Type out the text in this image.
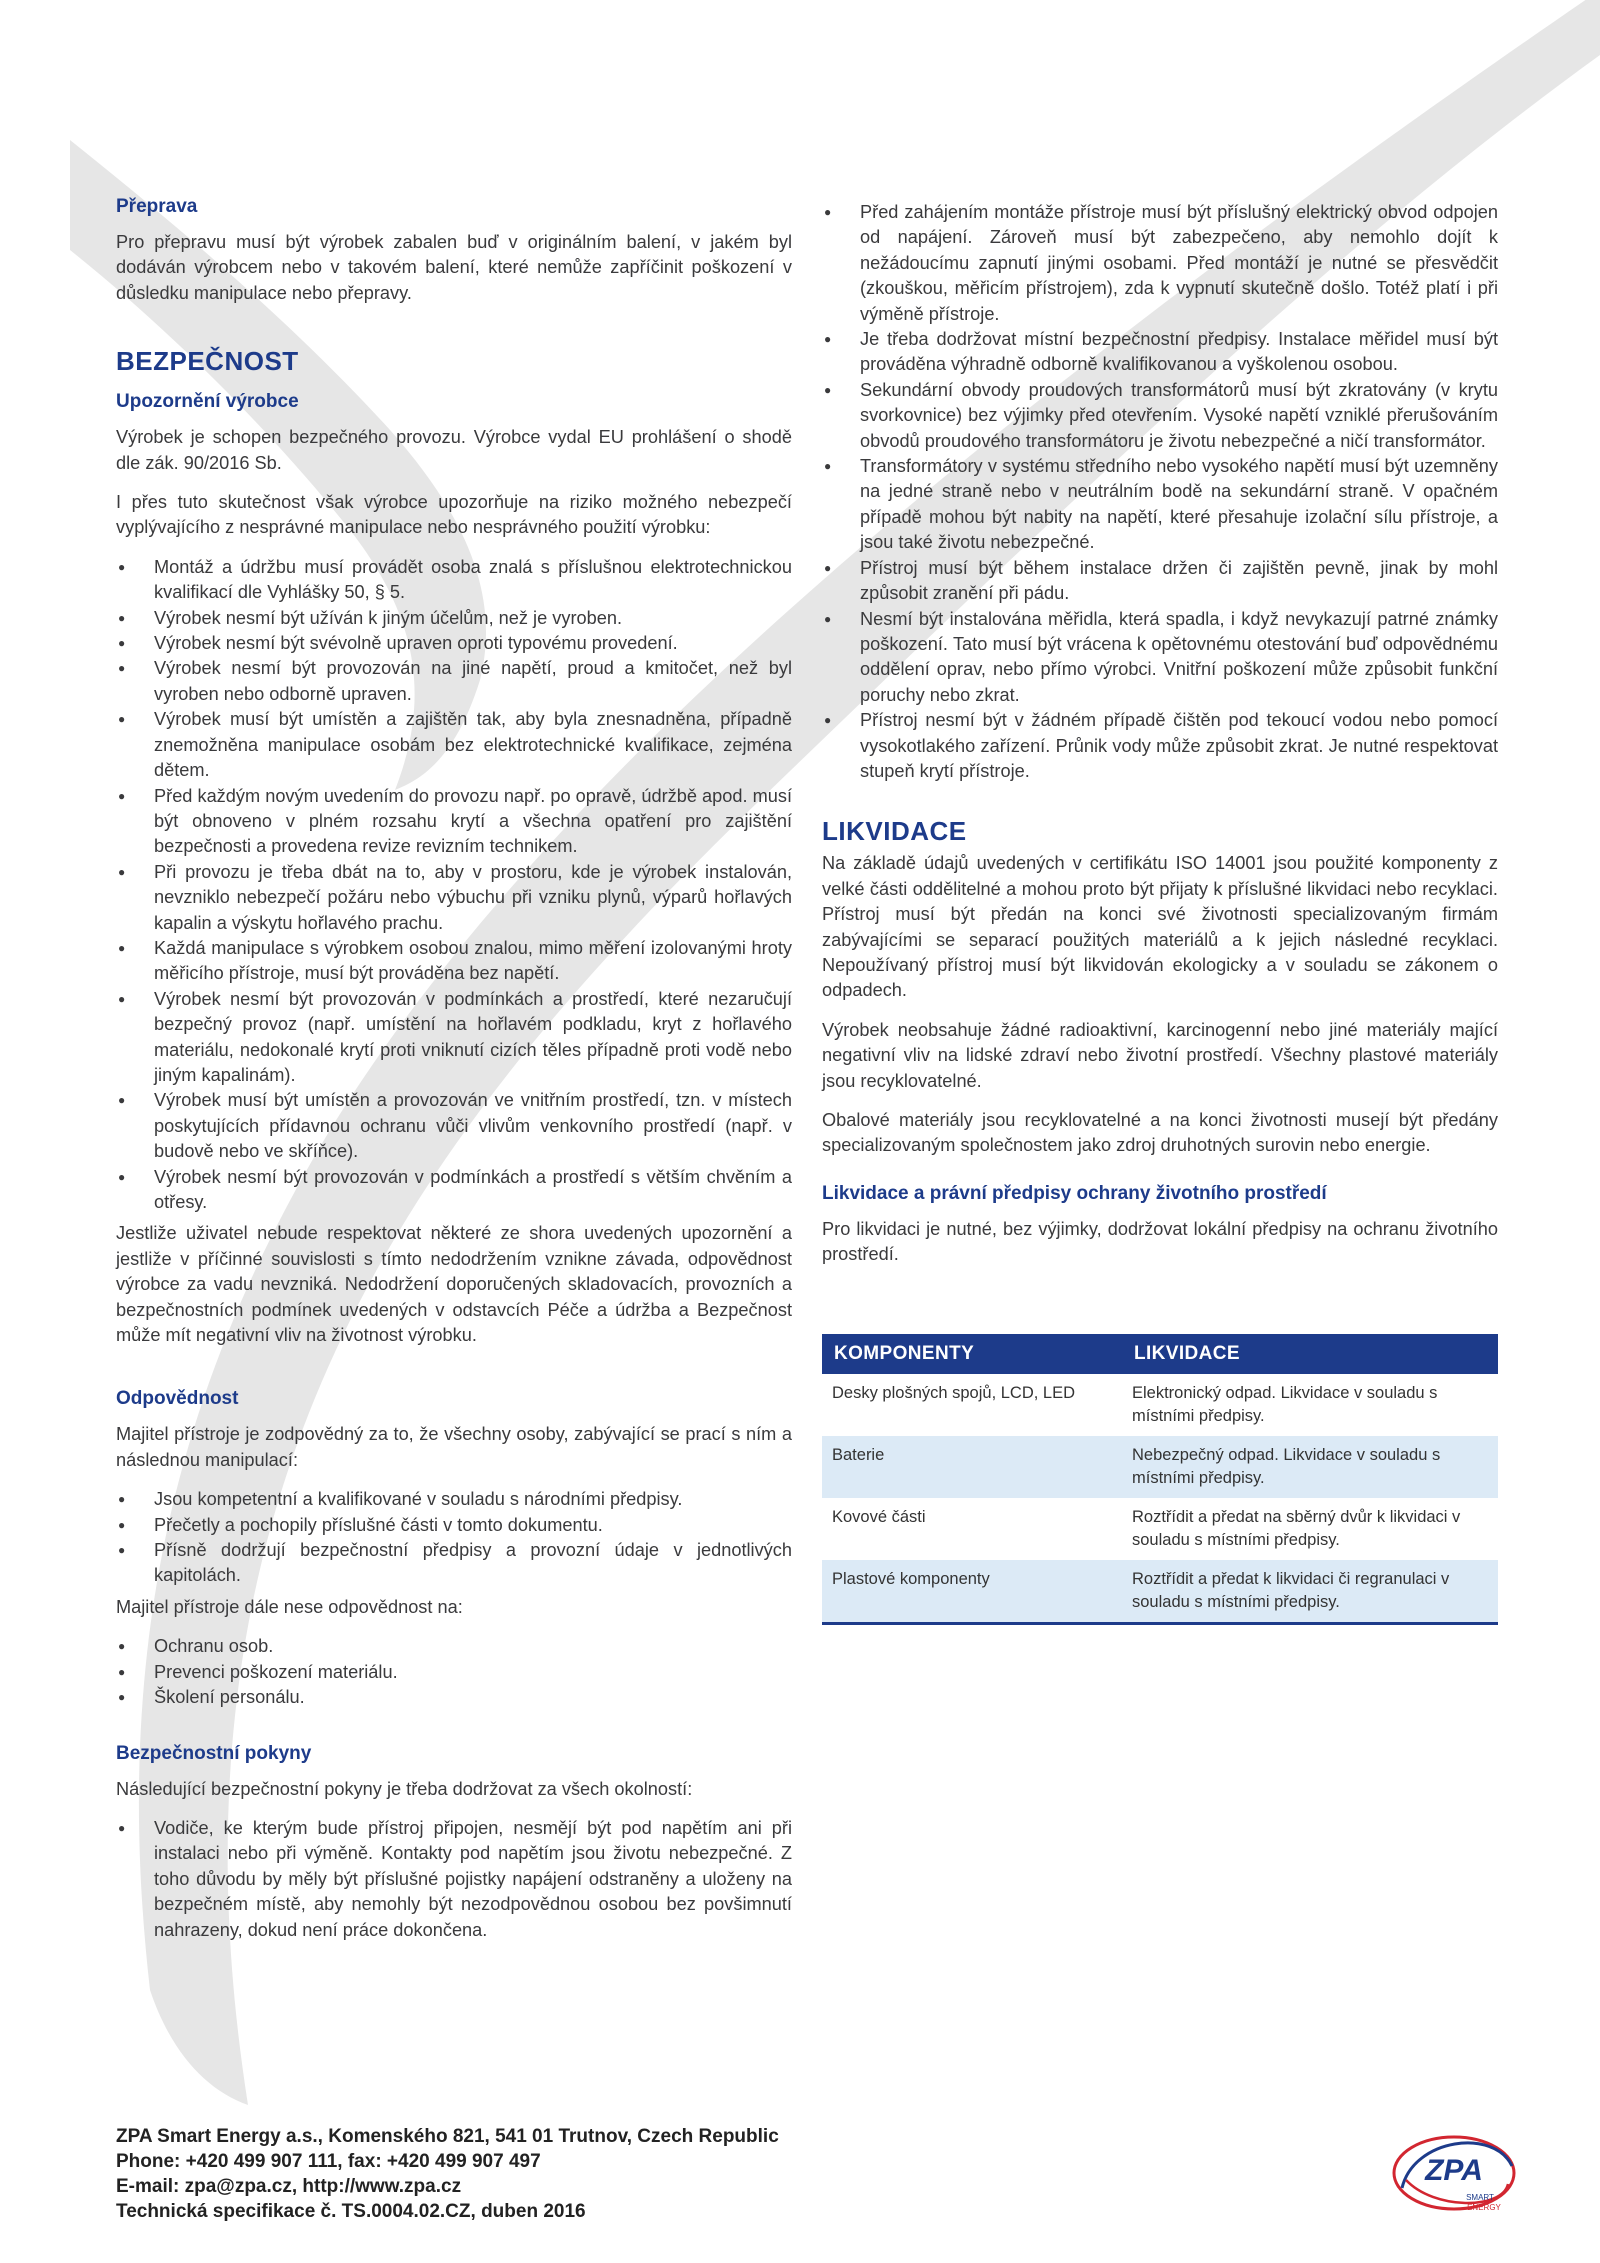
Přeprava

Pro přepravu musí být výrobek zabalen buď v originálním balení, v jakém byl dodáván výrobcem nebo v takovém balení, které nemůže zapříčinit poškození v důsledku manipulace nebo přepravy.

BEZPEČNOST
Upozornění výrobce

Výrobek je schopen bezpečného provozu. Výrobce vydal EU prohlášení o shodě dle zák. 90/2016 Sb.

I přes tuto skutečnost však výrobce upozorňuje na riziko možného nebezpečí vyplývajícího z nesprávné manipulace nebo nesprávného použití výrobku:

● Montáž a údržbu musí provádět osoba znalá s příslušnou elektrotechnickou kvalifikací dle Vyhlášky 50, § 5.
● Výrobek nesmí být užíván k jiným účelům, než je vyroben.
● Výrobek nesmí být svévolně upraven oproti typovému provedení.
● Výrobek nesmí být provozován na jiné napětí, proud a kmitočet, než byl vyroben nebo odborně upraven.
● Výrobek musí být umístěn a zajištěn tak, aby byla znesnadněna, případně znemožněna manipulace osobám bez elektrotechnické kvalifikace, zejména dětem.
● Před každým novým uvedením do provozu např. po opravě, údržbě apod. musí být obnoveno v plném rozsahu krytí a všechna opatření pro zajištění bezpečnosti a provedena revize revizním technikem.
● Při provozu je třeba dbát na to, aby v prostoru, kde je výrobek instalován, nevzniklo nebezpečí požáru nebo výbuchu při vzniku plynů, výparů hořlavých kapalin a výskytu hořlavého prachu.
● Každá manipulace s výrobkem osobou znalou, mimo měření izolovanými hroty měřicího přístroje, musí být prováděna bez napětí.
● Výrobek nesmí být provozován v podmínkách a prostředí, které nezaručují bezpečný provoz (např. umístění na hořlavém podkladu, kryt z hořlavého materiálu, nedokonalé krytí proti vniknutí cizích těles případně proti vodě nebo jiným kapalinám).
● Výrobek musí být umístěn a provozován ve vnitřním prostředí, tzn. v místech poskytujících přídavnou ochranu vůči vlivům venkovního prostředí (např. v budově nebo ve skříňce).
● Výrobek nesmí být provozován v podmínkách a prostředí s větším chvěním a otřesy.

Jestliže uživatel nebude respektovat některé ze shora uvedených upozornění a jestliže v příčinné souvislosti s tímto nedodržením vznikne závada, odpovědnost výrobce za vadu nevzniká. Nedodržení doporučených skladovacích, provozních a bezpečnostních podmínek uvedených v odstavcích Péče a údržba a Bezpečnost může mít negativní vliv na životnost výrobku.

Odpovědnost

Majitel přístroje je zodpovědný za to, že všechny osoby, zabývající se prací s ním a následnou manipulací:

● Jsou kompetentní a kvalifikované v souladu s národními předpisy.
● Přečetly a pochopily příslušné části v tomto dokumentu.
● Přísně dodržují bezpečnostní předpisy a provozní údaje v jednotlivých kapitolách.

Majitel přístroje dále nese odpovědnost na:

● Ochranu osob.
● Prevenci poškození materiálu.
● Školení personálu.
Bezpečnostní pokyny

Následující bezpečnostní pokyny je třeba dodržovat za všech okolností:

● Vodiče, ke kterým bude přístroj připojen, nesmějí být pod napětím ani při instalaci nebo při výměně. Kontakty pod napětím jsou životu nebezpečné. Z toho důvodu by měly být příslušné pojistky napájení odstraněny a uloženy na bezpečném místě, aby nemohly být nezodpovědnou osobou bez povšimnutí nahrazeny, dokud není práce dokončena.
● Před zahájením montáže přístroje musí být příslušný elektrický obvod odpojen od napájení. Zároveň musí být zabezpečeno, aby nemohlo dojít k nežádoucímu zapnutí jinými osobami. Před montáží je nutné se přesvědčit (zkouškou, měřicím přístrojem), zda k vypnutí skutečně došlo. Totéž platí i při výměně přístroje.
● Je třeba dodržovat místní bezpečnostní předpisy. Instalace měřidel musí být prováděna výhradně odborně kvalifikovanou a vyškolenou osobou.
● Sekundární obvody proudových transformátorů musí být zkratovány (v krytu svorkovnice) bez výjimky před otevřením. Vysoké napětí vzniklé přerušováním obvodů proudového transformátoru je životu nebezpečné a ničí transformátor.
● Transformátory v systému středního nebo vysokého napětí musí být uzemněny na jedné straně nebo v neutrálním bodě na sekundární straně. V opačném případě mohou být nabity na napětí, které přesahuje izolační sílu přístroje, a jsou také životu nebezpečné.
● Přístroj musí být během instalace držen či zajištěn pevně, jinak by mohl způsobit zranění při pádu.
● Nesmí být instalována měřidla, která spadla, i když nevykazují patrné známky poškození. Tato musí být vrácena k opětovnému otestování buď odpovědnému oddělení oprav, nebo přímo výrobci. Vnitřní poškození může způsobit funkční poruchy nebo zkrat.
● Přístroj nesmí být v žádném případě čištěn pod tekoucí vodou nebo pomocí vysokotlakého zařízení. Průnik vody může způsobit zkrat. Je nutné respektovat stupeň krytí přístroje.
LIKVIDACE

Na základě údajů uvedených v certifikátu ISO 14001 jsou použité komponenty z velké části oddělitelné a mohou proto být přijaty k příslušné likvidaci nebo recyklaci. Přístroj musí být předán na konci své životnosti specializovaným firmám zabývajícími se separací použitých materiálů a k jejich následné recyklaci. Nepoužívaný přístroj musí být likvidován ekologicky a v souladu se zákonem o odpadech.

Výrobek neobsahuje žádné radioaktivní, karcinogenní nebo jiné materiály mající negativní vliv na lidské zdraví nebo životní prostředí. Všechny plastové materiály jsou recyklovatelné.

Obalové materiály jsou recyklovatelné a na konci životnosti musejí být předány specializovaným společnostem jako zdroj druhotných surovin nebo energie.

Likvidace a právní předpisy ochrany životního prostředí

Pro likvidaci je nutné, bez výjimky, dodržovat lokální předpisy na ochranu životního prostředí.

KOMPONENTY	LIKVIDACE
Desky plošných spojů, LCD, LED	Elektronický odpad. Likvidace v souladu s místními předpisy.
Baterie	Nebezpečný odpad. Likvidace v souladu s místními předpisy.
Kovové části	Roztřídit a předat na sběrný dvůr k likvidaci v souladu s místními předpisy.
Plastové komponenty	Roztřídit a předat k likvidaci či regranulaci v souladu s místními předpisy.
ZPA Smart Energy a.s., Komenského 821, 541 01 Trutnov, Czech Republic
Phone: +420 499 907 111, fax: +420 499 907 497
E-mail: zpa@zpa.cz, http://www.zpa.cz
Technická specifikace č. TS.0004.02.CZ, duben 2016
ZPA
SMART
ENERGY
